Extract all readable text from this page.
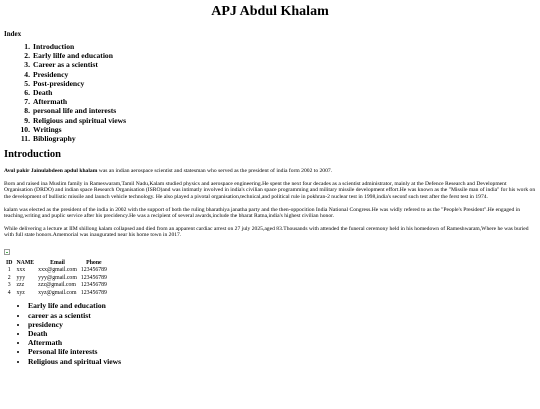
APJ Abdul Khalam
Index
1. Introduction
2. Early lilfe and education
3. Career as a scientist
4. Presidency
5. Post-presidency
6. Death
7. Aftermath
8. personal life and interests
9. Religious and spiritual views
10. Writings
11. Bibliography
Introduction

Avul pakir Jainulabdeen apdul khalam was an indian aerospace scientist and statesman who served as the president of india form 2002 to 2007.

Born and raised ina Muslim family in Rameswaram,Tamil Nadu,Kalam studied physics and aerospace engineering.He spent the next four decades as a scientist administrator, mainly at the Defence Research and Development Organisation (DRDO) and indian space Research Organisation (ISRO)and was intimatly involved in india's civilian space programming and military missile development effort.He was known as the "Missile man of india" for his work on the development of bullistic missile and launch vehicle technology. He also played a pivotal organisation,technical,and political rule in pokhran-2 nuclear test in 1998,india's seconf such test after the ferst test in 1974.

kalam was elected as the president of the india in 2002 with the support of both the ruling bharathiya janatha party and the then-oppocition India National Congress.He was widly refered to as the "People's President".He engaged in teaching,writing and puplic service after his precidency.He was a recipient of several awards,include the bharat Ratna,india's highest civilian honor.

While delivering a lecture at IIM shillong kalam collapsed and died from an apparent cardiac arrest on 27 july 2025,aged 83.Thousands with attended the funeral ceremony held in his homedown of Rameshwaram,Where he was buried with full state honors.Amemorial was inaugurated near his home town in 2017.

ID	NAME	Email	Phone
1	xxx	xxx@gmail.com	123456789
2	yyy	yyy@gmail.com	123456789
3	zzz	zzz@gmail.com	123456789
4	xyz	xyz@gmail.com	123456789
• Early life and education
• career as a scientist
• presidency
• Death
• Aftermath
• Personal life interests
• Religious and spiritual views
